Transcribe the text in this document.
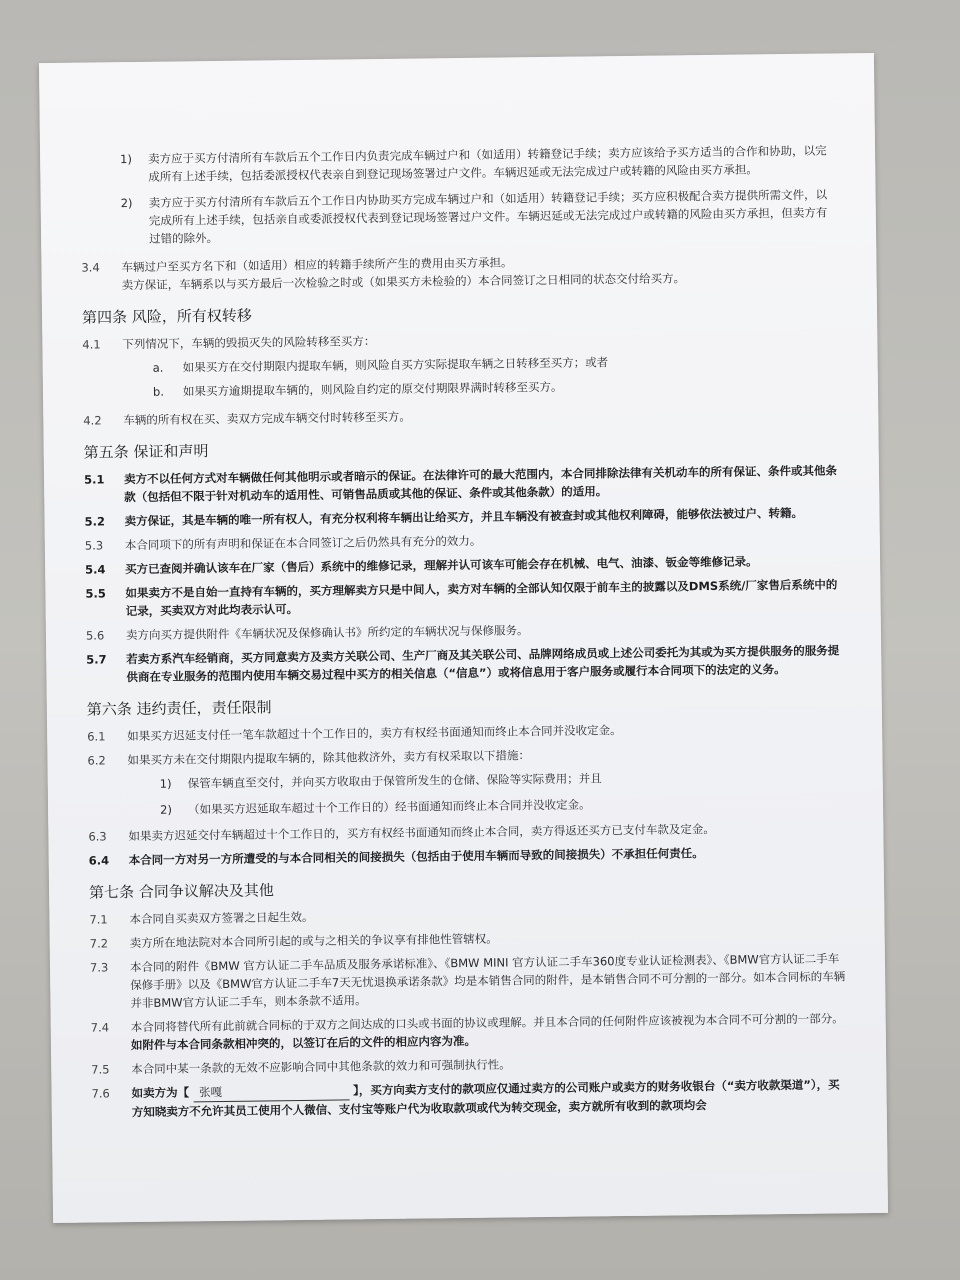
1)	卖方应于买方付清所有车款后五个工作日内负责完成车辆过户和（如适用）转籍登记手续；卖方应该给予买方适当的合作和协助，以完成所有上述手续，包括委派授权代表亲自到登记现场签署过户文件。车辆迟延或无法完成过户或转籍的风险由买方承担。
2)	卖方应于买方付清所有车款后五个工作日内协助买方完成车辆过户和（如适用）转籍登记手续；买方应积极配合卖方提供所需文件，以完成所有上述手续，包括亲自或委派授权代表到登记现场签署过户文件。车辆迟延或无法完成过户或转籍的风险由买方承担，但卖方有过错的除外。
3.4	车辆过户至买方名下和（如适用）相应的转籍手续所产生的费用由买方承担。
卖方保证，车辆系以与买方最后一次检验之时或（如果买方未检验的）本合同签订之日相同的状态交付给买方。
第四条 风险，所有权转移
4.1	下列情况下，车辆的毁损灭失的风险转移至买方：
a.	如果买方在交付期限内提取车辆，则风险自买方实际提取车辆之日转移至买方；或者
b.	如果买方逾期提取车辆的，则风险自约定的原交付期限界满时转移至买方。
4.2	车辆的所有权在买、卖双方完成车辆交付时转移至买方。
第五条 保证和声明
5.1	卖方不以任何方式对车辆做任何其他明示或者暗示的保证。在法律许可的最大范围内，本合同排除法律有关机动车的所有保证、条件或其他条款（包括但不限于针对机动车的适用性、可销售品质或其他的保证、条件或其他条款）的适用。
5.2	卖方保证，其是车辆的唯一所有权人，有充分权利将车辆出让给买方，并且车辆没有被查封或其他权利障碍，能够依法被过户、转籍。
5.3	本合同项下的所有声明和保证在本合同签订之后仍然具有充分的效力。
5.4	买方已查阅并确认该车在厂家（售后）系统中的维修记录，理解并认可该车可能会存在机械、电气、油漆、钣金等维修记录。
5.5	如果卖方不是自始一直持有车辆的，买方理解卖方只是中间人，卖方对车辆的全部认知仅限于前车主的披露以及DMS系统/厂家售后系统中的记录，买卖双方对此均表示认可。
5.6	卖方向买方提供附件《车辆状况及保修确认书》所约定的车辆状况与保修服务。
5.7	若卖方系汽车经销商，买方同意卖方及卖方关联公司、生产厂商及其关联公司、品牌网络成员或上述公司委托为其或为买方提供服务的服务提供商在专业服务的范围内使用车辆交易过程中买方的相关信息（“信息”）或将信息用于客户服务或履行本合同项下的法定的义务。
第六条 违约责任，责任限制
6.1	如果买方迟延支付任一笔车款超过十个工作日的，卖方有权经书面通知而终止本合同并没收定金。
6.2	如果买方未在交付期限内提取车辆的，除其他救济外，卖方有权采取以下措施：
1)	保管车辆直至交付，并向买方收取由于保管所发生的仓储、保险等实际费用；并且
2)	（如果买方迟延取车超过十个工作日的）经书面通知而终止本合同并没收定金。
6.3	如果卖方迟延交付车辆超过十个工作日的，买方有权经书面通知而终止本合同，卖方得返还买方已支付车款及定金。
6.4	本合同一方对另一方所遭受的与本合同相关的间接损失（包括由于使用车辆而导致的间接损失）不承担任何责任。
第七条 合同争议解决及其他
7.1	本合同自买卖双方签署之日起生效。
7.2	卖方所在地法院对本合同所引起的或与之相关的争议享有排他性管辖权。
7.3	本合同的附件《BMW 官方认证二手车品质及服务承诺标准》、《BMW MINI 官方认证二手车360度专业认证检测表》、《BMW官方认证二手车保修手册》以及《BMW官方认证二手车7天无忧退换承诺条款》均是本销售合同的附件，是本销售合同不可分割的一部分。如本合同标的车辆并非BMW官方认证二手车，则本条款不适用。
7.4	本合同将替代所有此前就合同标的于双方之间达成的口头或书面的协议或理解。并且本合同的任何附件应该被视为本合同不可分割的一部分。如附件与本合同条款相冲突的，以签订在后的文件的相应内容为准。
7.5	本合同中某一条款的无效不应影响合同中其他条款的效力和可强制执行性。
7.6	如卖方为【 张嘎	】，买方向卖方支付的款项应仅通过卖方的公司账户或卖方的财务收银台（“卖方收款渠道”），买方知晓卖方不允许其员工使用个人微信、支付宝等账户代为收取款项或代为转交现金，卖方就所有收到的款项均会
